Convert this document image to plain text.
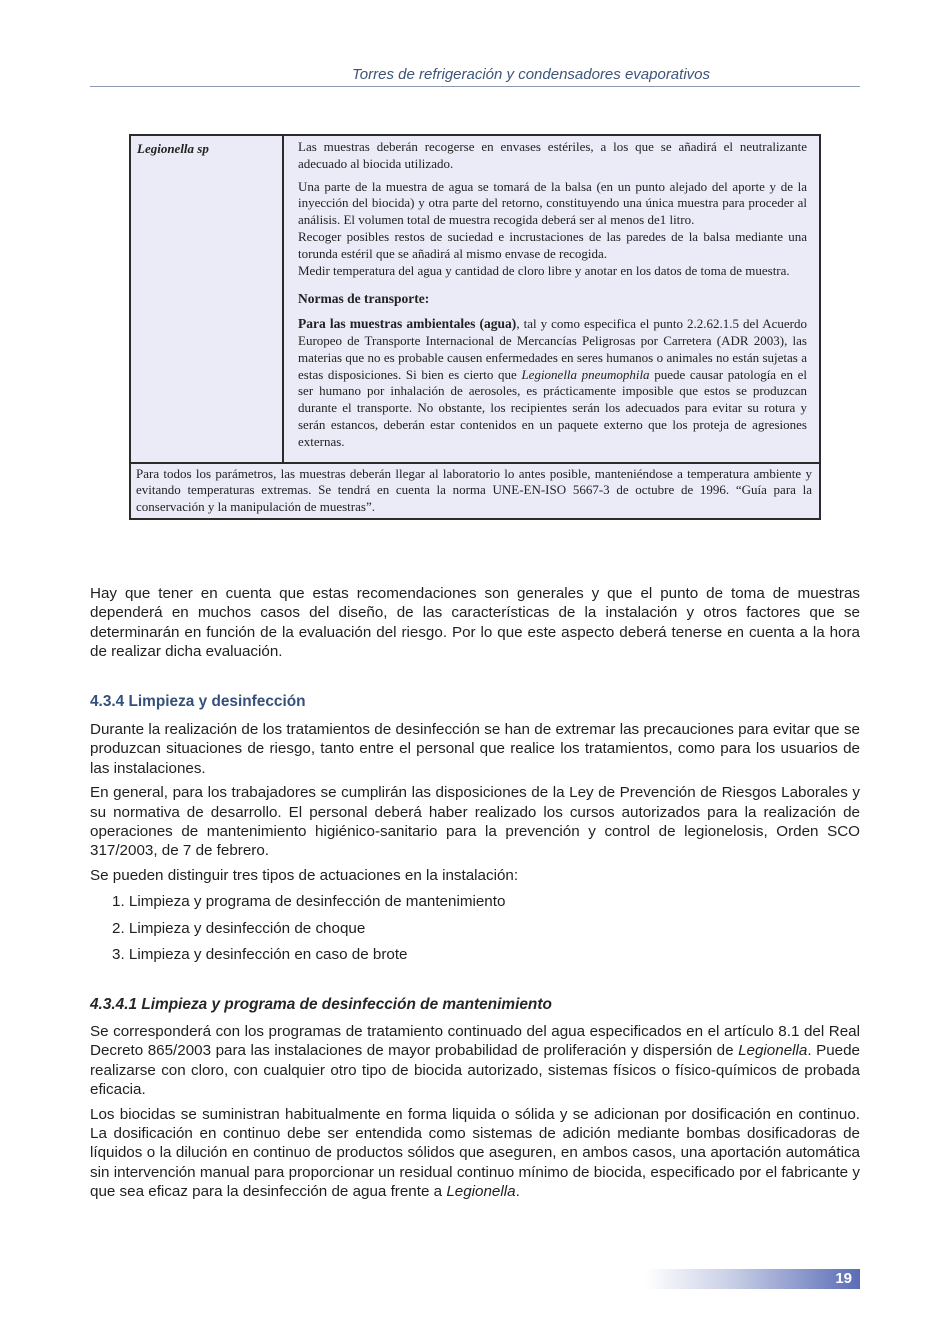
Torres de refrigeración y condensadores evaporativos
Legionella sp	Las muestras deberán recogerse en envases estériles, a los que se añadirá el neutralizante adecuado al biocida utilizado.

Una parte de la muestra de agua se tomará de la balsa (en un punto alejado del aporte y de la inyección del biocida) y otra parte del retorno, constituyendo una única muestra para proceder al análisis. El volumen total de muestra recogida deberá ser al menos de1 litro.

Recoger posibles restos de suciedad e incrustaciones de las paredes de la balsa mediante una torunda estéril que se añadirá al mismo envase de recogida.

Medir temperatura del agua y cantidad de cloro libre y anotar en los datos de toma de muestra.

Normas de transporte:

Para las muestras ambientales (agua), tal y como especifica el punto 2.2.62.1.5 del Acuerdo Europeo de Transporte Internacional de Mercancías Peligrosas por Carretera (ADR 2003), las materias que no es probable causen enfermedades en seres humanos o animales no están sujetas a estas disposiciones. Si bien es cierto que Legionella pneumophila puede causar patología en el ser humano por inhalación de aerosoles, es prácticamente imposible que estos se produzcan durante el transporte. No obstante, los recipientes serán los adecuados para evitar su rotura y serán estancos, deberán estar contenidos en un paquete externo que los proteja de agresiones externas.

Para todos los parámetros, las muestras deberán llegar al laboratorio lo antes posible, manteniéndose a temperatura ambiente y evitando temperaturas extremas. Se tendrá en cuenta la norma UNE-EN-ISO 5667-3 de octubre de 1996. “Guía para la conservación y la manipulación de muestras”.

Hay que tener en cuenta que estas recomendaciones son generales y que el punto de toma de muestras dependerá en muchos casos del diseño, de las características de la instalación y otros factores que se determinarán en función de la evaluación del riesgo. Por lo que este aspecto deberá tenerse en cuenta a la hora de realizar dicha evaluación.

4.3.4 Limpieza y desinfección

Durante la realización de los tratamientos de desinfección se han de extremar las precauciones para evitar que se produzcan situaciones de riesgo, tanto entre el personal que realice los tratamientos, como para los usuarios de las instalaciones.

En general, para los trabajadores se cumplirán las disposiciones de la Ley de Prevención de Riesgos Laborales y su normativa de desarrollo. El personal deberá haber realizado los cursos autorizados para la realización de operaciones de mantenimiento higiénico-sanitario para la prevención y control de legionelosis, Orden SCO 317/2003, de 7 de febrero.

Se pueden distinguir tres tipos de actuaciones en la instalación:

1. Limpieza y programa de desinfección de mantenimiento
2. Limpieza y desinfección de choque
3. Limpieza y desinfección en caso de brote
4.3.4.1 Limpieza y programa de desinfección de mantenimiento

Se corresponderá con los programas de tratamiento continuado del agua especificados en el artículo 8.1 del Real Decreto 865/2003 para las instalaciones de mayor probabilidad de proliferación y dispersión de Legionella. Puede realizarse con cloro, con cualquier otro tipo de biocida autorizado, sistemas físicos o físico-químicos de probada eficacia.

Los biocidas se suministran habitualmente en forma liquida o sólida y se adicionan por dosificación en continuo. La dosificación en continuo debe ser entendida como sistemas de adición mediante bombas dosificadoras de líquidos o la dilución en continuo de productos sólidos que aseguren, en ambos casos, una aportación automática sin intervención manual para proporcionar un residual continuo mínimo de biocida, especificado por el fabricante y que sea eficaz para la desinfección de agua frente a Legionella.

19
